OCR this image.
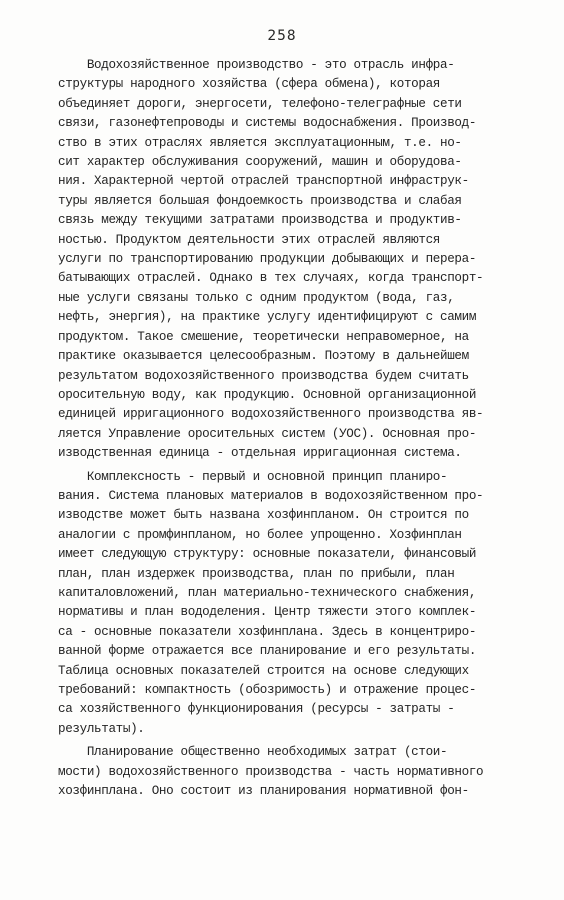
258
Водохозяйственное производство - это отрасль инфра-
структуры народного хозяйства (сфера обмена), которая
объединяет дороги, энергосети, телефоно-телеграфные сети
связи, газонефтепроводы и системы водоснабжения. Производ-
ство в этих отраслях является эксплуатационным, т.е. но-
сит характер обслуживания сооружений, машин и оборудова-
ния. Характерной чертой отраслей транспортной инфраструк-
туры является большая фондоемкость производства и слабая
связь между текущими затратами производства и продуктив-
ностью. Продуктом деятельности этих отраслей являются
услуги по транспортированию продукции добывающих и перера-
батывающих отраслей. Однако в тех случаях, когда транспорт-
ные услуги связаны только с одним продуктом (вода, газ,
нефть, энергия), на практике услугу идентифицируют с самим
продуктом. Такое смешение, теоретически неправомерное, на
практике оказывается целесообразным. Поэтому в дальнейшем
результатом водохозяйственного производства будем считать
оросительную воду, как продукцию. Основной организационной
единицей ирригационного водохозяйственного производства яв-
ляется Управление оросительных систем (УОС). Основная про-
изводственная единица - отдельная ирригационная система.
Комплексность - первый и основной принцип планиро-
вания. Система плановых материалов в водохозяйственном про-
изводстве может быть названа хозфинпланом. Он строится по
аналогии с промфинпланом, но более упрощенно. Хозфинплан
имеет следующую структуру: основные показатели, финансовый
план, план издержек производства, план по прибыли, план
капиталовложений, план материально-технического снабжения,
нормативы и план вододеления. Центр тяжести этого комплек-
са - основные показатели хозфинплана. Здесь в концентриро-
ванной форме отражается все планирование и его результаты.
Таблица основных показателей строится на основе следующих
требований: компактность (обозримость) и отражение процес-
са хозяйственного функционирования (ресурсы - затраты -
результаты).
Планирование общественно необходимых затрат (стои-
мости) водохозяйственного производства - часть нормативного
хозфинплана. Оно состоит из планирования нормативной фон-
